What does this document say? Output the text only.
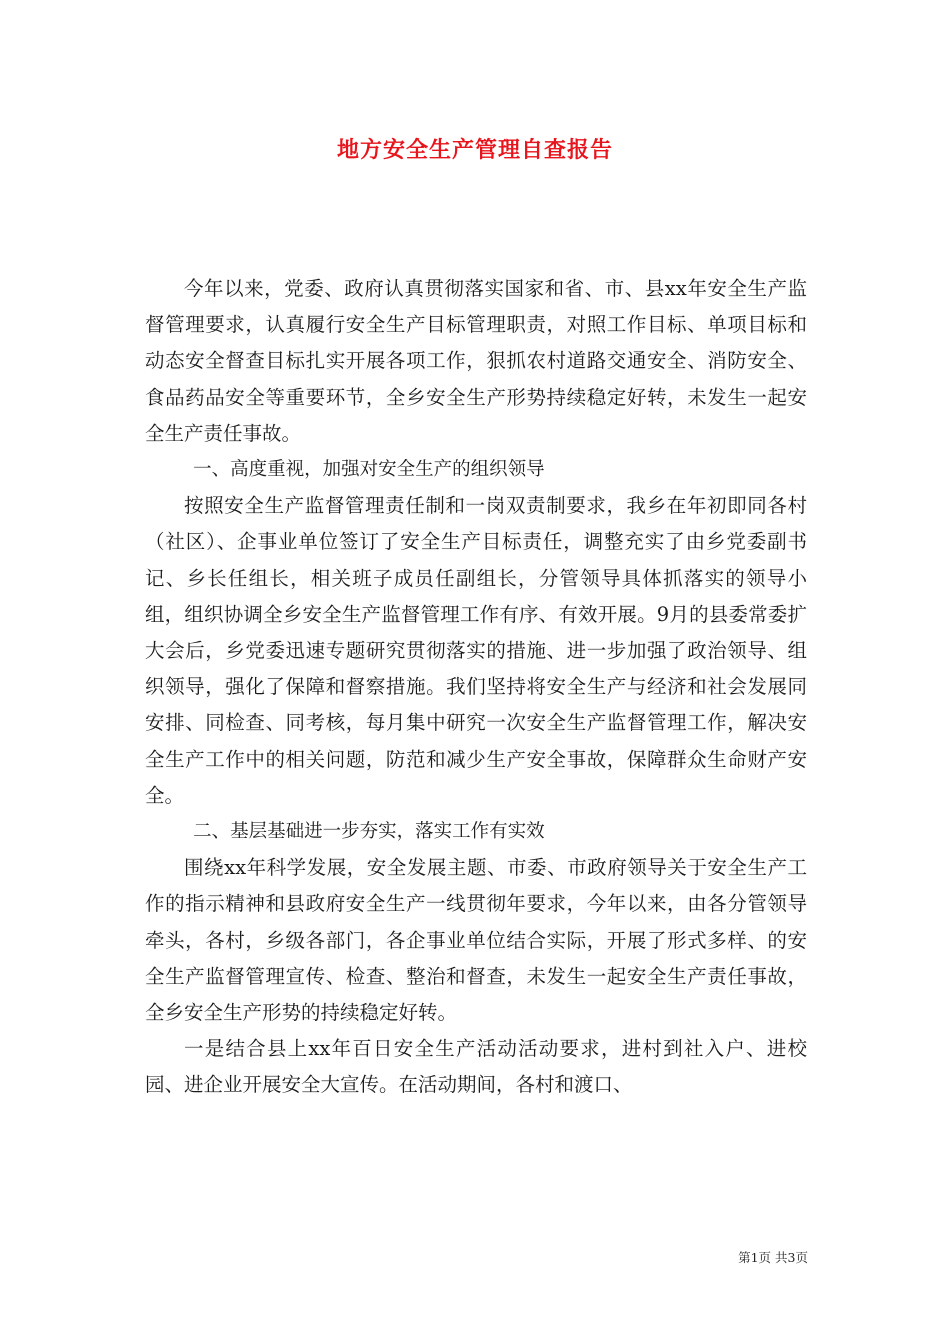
地方安全生产管理自查报告

今年以来，党委、政府认真贯彻落实国家和省、市、县xx年安全生产监督管理要求，认真履行安全生产目标管理职责，对照工作目标、单项目标和动态安全督查目标扎实开展各项工作，狠抓农村道路交通安全、消防安全、食品药品安全等重要环节，全乡安全生产形势持续稳定好转，未发生一起安全生产责任事故。

一、高度重视，加强对安全生产的组织领导

按照安全生产监督管理责任制和一岗双责制要求，我乡在年初即同各村（社区）、企事业单位签订了安全生产目标责任，调整充实了由乡党委副书记、乡长任组长，相关班子成员任副组长，分管领导具体抓落实的领导小组，组织协调全乡安全生产监督管理工作有序、有效开展。9月的县委常委扩大会后，乡党委迅速专题研究贯彻落实的措施、进一步加强了政治领导、组织领导，强化了保障和督察措施。我们坚持将安全生产与经济和社会发展同安排、同检查、同考核，每月集中研究一次安全生产监督管理工作，解决安全生产工作中的相关问题，防范和减少生产安全事故，保障群众生命财产安全。

二、基层基础进一步夯实，落实工作有实效

围绕xx年科学发展，安全发展主题、市委、市政府领导关于安全生产工作的指示精神和县政府安全生产一线贯彻年要求，今年以来，由各分管领导牵头，各村，乡级各部门，各企事业单位结合实际，开展了形式多样、的安全生产监督管理宣传、检查、整治和督查，未发生一起安全生产责任事故，全乡安全生产形势的持续稳定好转。

一是结合县上xx年百日安全生产活动活动要求，进村到社入户、进校园、进企业开展安全大宣传。在活动期间，各村和渡口、

第1页 共3页
